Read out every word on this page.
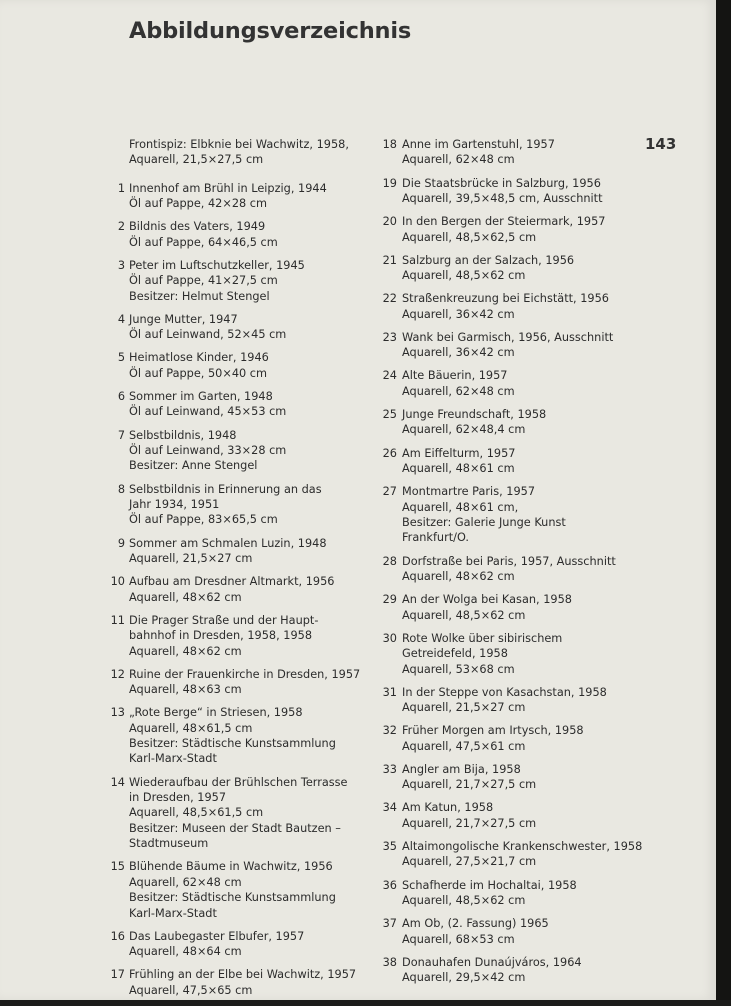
Abbildungsverzeichnis
143
Frontispiz: Elbknie bei Wachwitz, 1958,
Aquarell, 21,5×27,5 cm
1 Innenhof am Brühl in Leipzig, 1944
Öl auf Pappe, 42×28 cm
2 Bildnis des Vaters, 1949
Öl auf Pappe, 64×46,5 cm
3 Peter im Luftschutzkeller, 1945
Öl auf Pappe, 41×27,5 cm
Besitzer: Helmut Stengel
4 Junge Mutter, 1947
Öl auf Leinwand, 52×45 cm
5 Heimatlose Kinder, 1946
Öl auf Pappe, 50×40 cm
6 Sommer im Garten, 1948
Öl auf Leinwand, 45×53 cm
7 Selbstbildnis, 1948
Öl auf Leinwand, 33×28 cm
Besitzer: Anne Stengel
8 Selbstbildnis in Erinnerung an das
Jahr 1934, 1951
Öl auf Pappe, 83×65,5 cm
9 Sommer am Schmalen Luzin, 1948
Aquarell, 21,5×27 cm
10 Aufbau am Dresdner Altmarkt, 1956
Aquarell, 48×62 cm
11 Die Prager Straße und der Haupt-
bahnhof in Dresden, 1958, 1958
Aquarell, 48×62 cm
12 Ruine der Frauenkirche in Dresden, 1957
Aquarell, 48×63 cm
13 „Rote Berge“ in Striesen, 1958
Aquarell, 48×61,5 cm
Besitzer: Städtische Kunstsammlung
Karl-Marx-Stadt
14 Wiederaufbau der Brühlschen Terrasse
in Dresden, 1957
Aquarell, 48,5×61,5 cm
Besitzer: Museen der Stadt Bautzen –
Stadtmuseum
15 Blühende Bäume in Wachwitz, 1956
Aquarell, 62×48 cm
Besitzer: Städtische Kunstsammlung
Karl-Marx-Stadt
16 Das Laubegaster Elbufer, 1957
Aquarell, 48×64 cm
17 Frühling an der Elbe bei Wachwitz, 1957
Aquarell, 47,5×65 cm
18 Anne im Gartenstuhl, 1957
Aquarell, 62×48 cm
19 Die Staatsbrücke in Salzburg, 1956
Aquarell, 39,5×48,5 cm, Ausschnitt
20 In den Bergen der Steiermark, 1957
Aquarell, 48,5×62,5 cm
21 Salzburg an der Salzach, 1956
Aquarell, 48,5×62 cm
22 Straßenkreuzung bei Eichstätt, 1956
Aquarell, 36×42 cm
23 Wank bei Garmisch, 1956, Ausschnitt
Aquarell, 36×42 cm
24 Alte Bäuerin, 1957
Aquarell, 62×48 cm
25 Junge Freundschaft, 1958
Aquarell, 62×48,4 cm
26 Am Eiffelturm, 1957
Aquarell, 48×61 cm
27 Montmartre Paris, 1957
Aquarell, 48×61 cm,
Besitzer: Galerie Junge Kunst
Frankfurt/O.
28 Dorfstraße bei Paris, 1957, Ausschnitt
Aquarell, 48×62 cm
29 An der Wolga bei Kasan, 1958
Aquarell, 48,5×62 cm
30 Rote Wolke über sibirischem
Getreidefeld, 1958
Aquarell, 53×68 cm
31 In der Steppe von Kasachstan, 1958
Aquarell, 21,5×27 cm
32 Früher Morgen am Irtysch, 1958
Aquarell, 47,5×61 cm
33 Angler am Bija, 1958
Aquarell, 21,7×27,5 cm
34 Am Katun, 1958
Aquarell, 21,7×27,5 cm
35 Altaimongolische Krankenschwester, 1958
Aquarell, 27,5×21,7 cm
36 Schafherde im Hochaltai, 1958
Aquarell, 48,5×62 cm
37 Am Ob, (2. Fassung) 1965
Aquarell, 68×53 cm
38 Donauhafen Dunaújváros, 1964
Aquarell, 29,5×42 cm
